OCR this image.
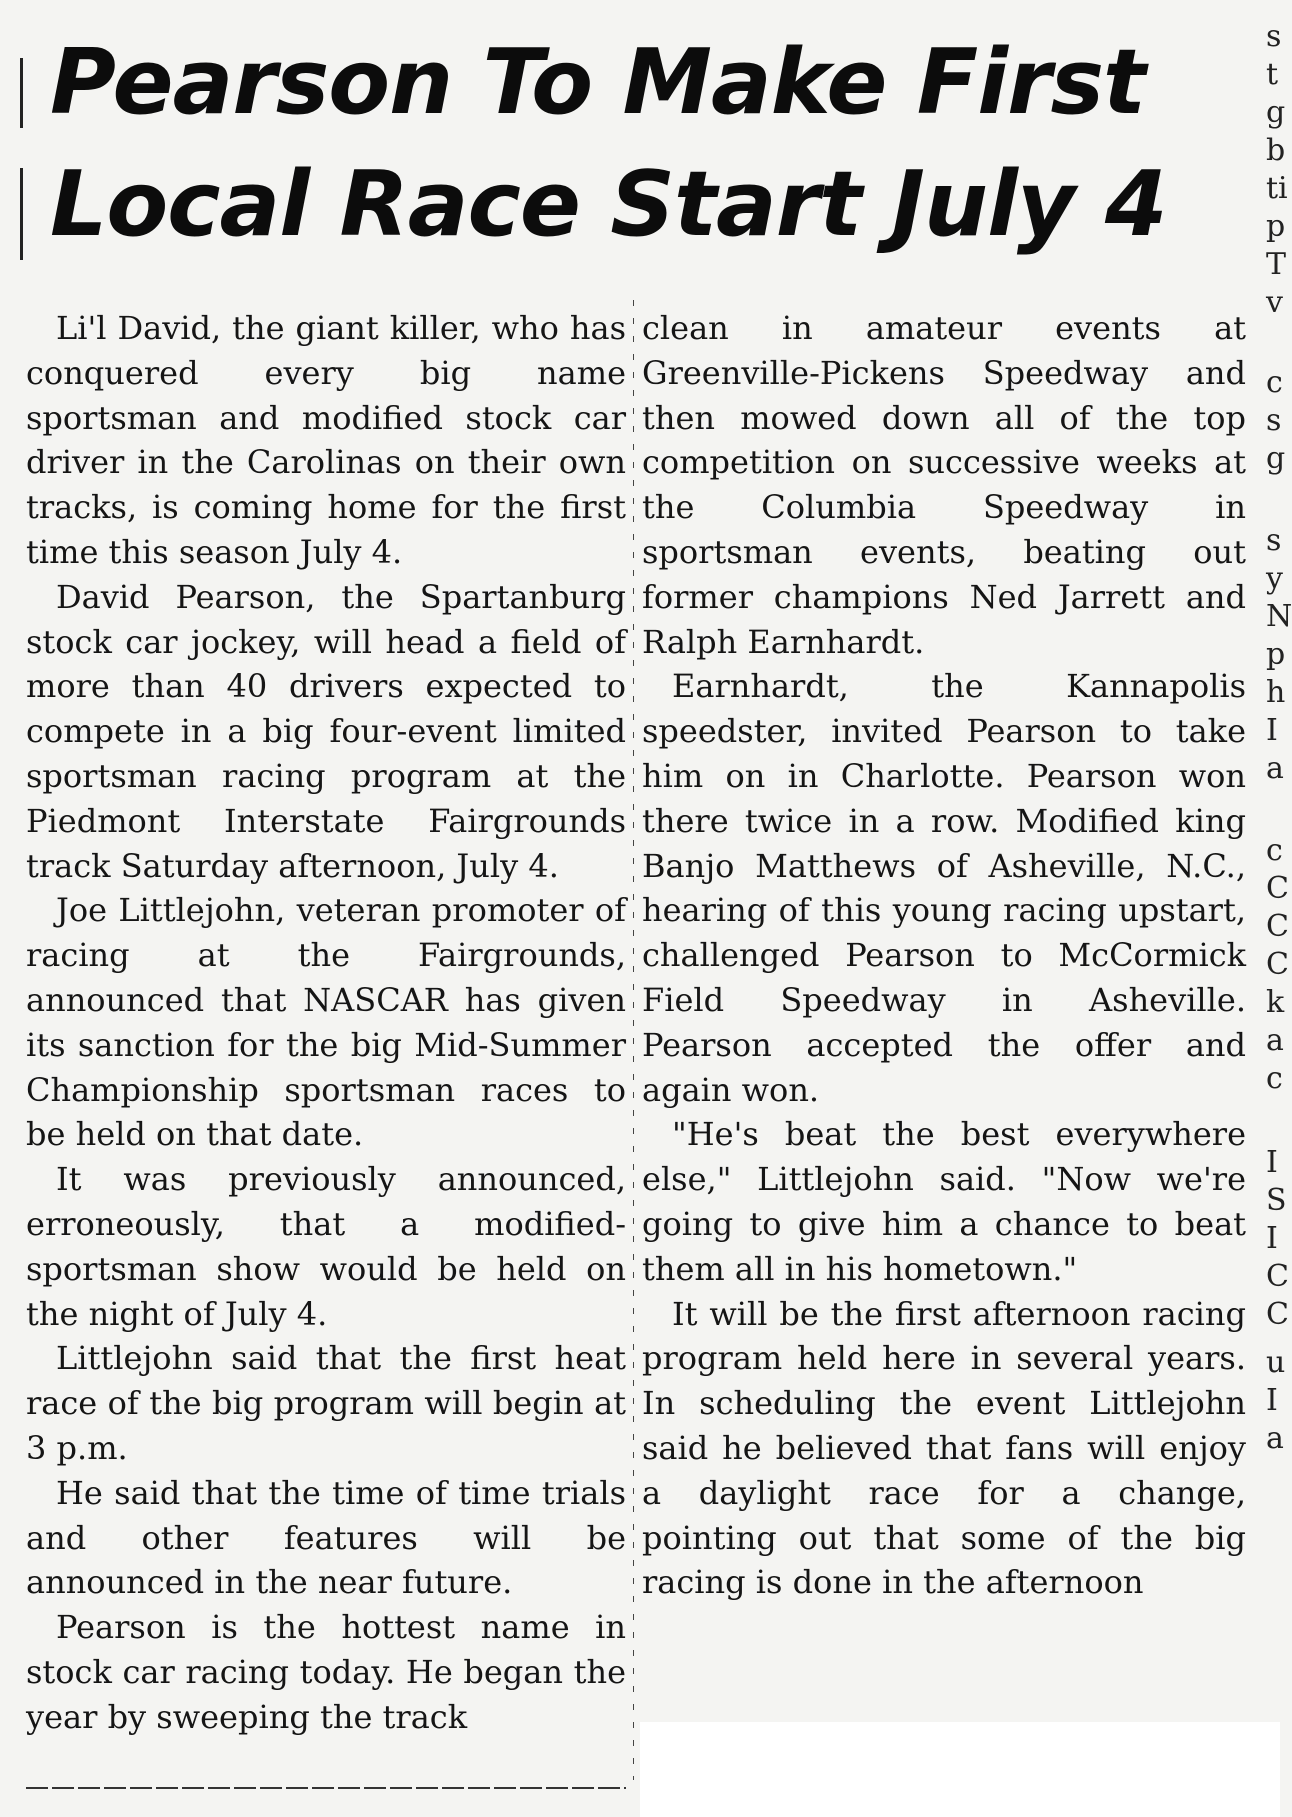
Pearson To Make First
Local Race Start July 4

Li'l David, the giant killer, who has conquered every big name sportsman and modified stock car driver in the Carolinas on their own tracks, is coming home for the first time this season July 4.

David Pearson, the Spartanburg stock car jockey, will head a field of more than 40 drivers expected to compete in a big four-event limited sportsman racing program at the Piedmont Interstate Fairgrounds track Saturday afternoon, July 4.

Joe Littlejohn, veteran promoter of racing at the Fairgrounds, announced that NASCAR has given its sanction for the big Mid-Summer Championship sportsman races to be held on that date.

It was previously announced, erroneously, that a modified-sportsman show would be held on the night of July 4.

Littlejohn said that the first heat race of the big program will begin at 3 p.m.

He said that the time of time trials and other features will be announced in the near future.

Pearson is the hottest name in stock car racing today. He began the year by sweeping the track

clean in amateur events at Greenville-Pickens Speedway and then mowed down all of the top competition on successive weeks at the Columbia Speedway in sportsman events, beating out former champions Ned Jarrett and Ralph Earnhardt.

Earnhardt, the Kannapolis speedster, invited Pearson to take him on in Charlotte. Pearson won there twice in a row. Modified king Banjo Matthews of Asheville, N.C., hearing of this young racing upstart, challenged Pearson to McCormick Field Speedway in Asheville. Pearson accepted the offer and again won.

"He's beat the best everywhere else," Littlejohn said. "Now we're going to give him a chance to beat them all in his hometown."

It will be the first afternoon racing program held here in several years. In scheduling the event Littlejohn said he believed that fans will enjoy a daylight race for a change, pointing out that some of the big racing is done in the afternoon

s
t
g
b
ti
p
T
v
c
s
g
s
y
N
p
h
I
a
c
C
C
C
k
a
c
I
S
I
C
C
u
I
a
